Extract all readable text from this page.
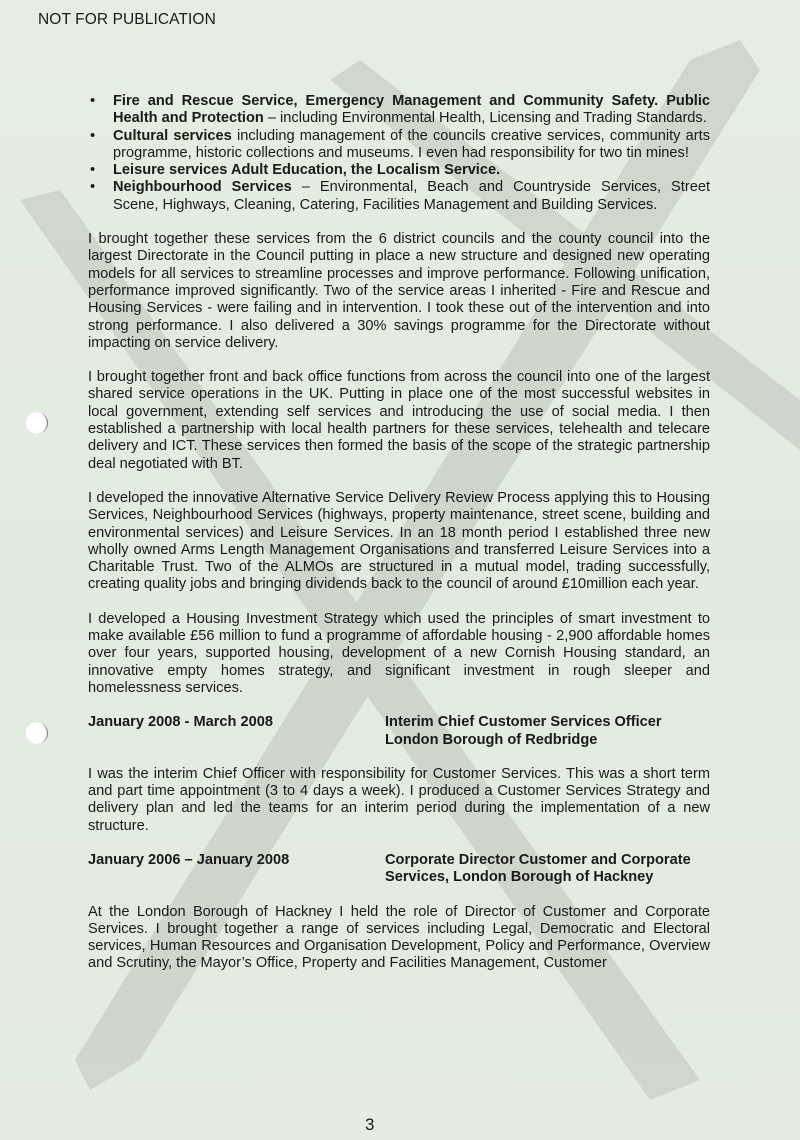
NOT FOR PUBLICATION
• Fire and Rescue Service, Emergency Management and Community Safety. Public Health and Protection – including Environmental Health, Licensing and Trading Standards.
• Cultural services including management of the councils creative services, community arts programme, historic collections and museums. I even had responsibility for two tin mines!
• Leisure services Adult Education, the Localism Service.
• Neighbourhood Services – Environmental, Beach and Countryside Services, Street Scene, Highways, Cleaning, Catering, Facilities Management and Building Services.

I brought together these services from the 6 district councils and the county council into the largest Directorate in the Council putting in place a new structure and designed new operating models for all services to streamline processes and improve performance. Following unification, performance improved significantly. Two of the service areas I inherited - Fire and Rescue and Housing Services - were failing and in intervention. I took these out of the intervention and into strong performance. I also delivered a 30% savings programme for the Directorate without impacting on service delivery.

I brought together front and back office functions from across the council into one of the largest shared service operations in the UK. Putting in place one of the most successful websites in local government, extending self services and introducing the use of social media. I then established a partnership with local health partners for these services, telehealth and telecare delivery and ICT. These services then formed the basis of the scope of the strategic partnership deal negotiated with BT.

I developed the innovative Alternative Service Delivery Review Process applying this to Housing Services, Neighbourhood Services (highways, property maintenance, street scene, building and environmental services) and Leisure Services. In an 18 month period I established three new wholly owned Arms Length Management Organisations and transferred Leisure Services into a Charitable Trust. Two of the ALMOs are structured in a mutual model, trading successfully, creating quality jobs and bringing dividends back to the council of around £10million each year.

I developed a Housing Investment Strategy which used the principles of smart investment to make available £56 million to fund a programme of affordable housing - 2,900 affordable homes over four years, supported housing, development of a new Cornish Housing standard, an innovative empty homes strategy, and significant investment in rough sleeper and homelessness services.

January 2008 - March 2008	Interim Chief Customer Services Officer
London Borough of Redbridge

I was the interim Chief Officer with responsibility for Customer Services. This was a short term and part time appointment (3 to 4 days a week). I produced a Customer Services Strategy and delivery plan and led the teams for an interim period during the implementation of a new structure.

January 2006 – January 2008	Corporate Director Customer and Corporate
Services, London Borough of Hackney

At the London Borough of Hackney I held the role of Director of Customer and Corporate Services. I brought together a range of services including Legal, Democratic and Electoral services, Human Resources and Organisation Development, Policy and Performance, Overview and Scrutiny, the Mayor’s Office, Property and Facilities Management, Customer

3
